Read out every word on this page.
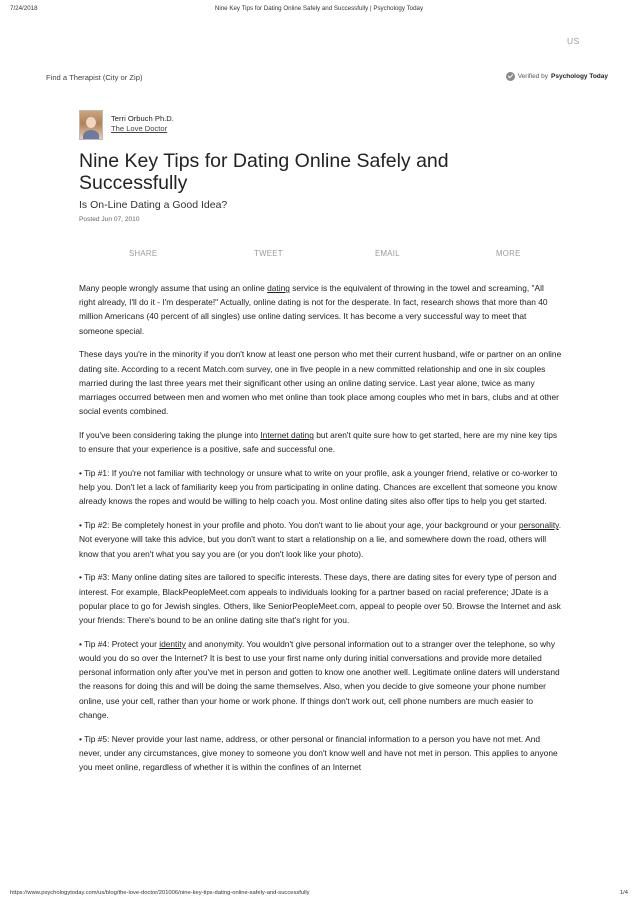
7/24/2018	Nine Key Tips for Dating Online Safely and Successfully | Psychology Today
US
Find a Therapist (City or Zip)	Verified by Psychology Today
Terri Orbuch Ph.D.
The Love Doctor
Nine Key Tips for Dating Online Safely and Successfully
Is On-Line Dating a Good Idea?
Posted Jun 07, 2010
SHARE	TWEET	EMAIL	MORE

Many people wrongly assume that using an online dating service is the equivalent of throwing in the towel and screaming, "All right already, I'll do it - I'm desperate!" Actually, online dating is not for the desperate. In fact, research shows that more than 40 million Americans (40 percent of all singles) use online dating services. It has become a very successful way to meet that someone special.

These days you're in the minority if you don't know at least one person who met their current husband, wife or partner on an online dating site. According to a recent Match.com survey, one in five people in a new committed relationship and one in six couples married during the last three years met their significant other using an online dating service. Last year alone, twice as many marriages occurred between men and women who met online than took place among couples who met in bars, clubs and at other social events combined.

If you've been considering taking the plunge into Internet dating but aren't quite sure how to get started, here are my nine key tips to ensure that your experience is a positive, safe and successful one.

• Tip #1: If you're not familiar with technology or unsure what to write on your profile, ask a younger friend, relative or co-worker to help you. Don't let a lack of familiarity keep you from participating in online dating. Chances are excellent that someone you know already knows the ropes and would be willing to help coach you. Most online dating sites also offer tips to help you get started.

• Tip #2: Be completely honest in your profile and photo. You don't want to lie about your age, your background or your personality. Not everyone will take this advice, but you don't want to start a relationship on a lie, and somewhere down the road, others will know that you aren't what you say you are (or you don't look like your photo).

• Tip #3: Many online dating sites are tailored to specific interests. These days, there are dating sites for every type of person and interest. For example, BlackPeopleMeet.com appeals to individuals looking for a partner based on racial preference; JDate is a popular place to go for Jewish singles. Others, like SeniorPeopleMeet.com, appeal to people over 50. Browse the Internet and ask your friends: There's bound to be an online dating site that's right for you.

• Tip #4: Protect your identity and anonymity. You wouldn't give personal information out to a stranger over the telephone, so why would you do so over the Internet? It is best to use your first name only during initial conversations and provide more detailed personal information only after you've met in person and gotten to know one another well. Legitimate online daters will understand the reasons for doing this and will be doing the same themselves. Also, when you decide to give someone your phone number online, use your cell, rather than your home or work phone. If things don't work out, cell phone numbers are much easier to change.

• Tip #5: Never provide your last name, address, or other personal or financial information to a person you have not met. And never, under any circumstances, give money to someone you don't know well and have not met in person. This applies to anyone you meet online, regardless of whether it is within the confines of an Internet

https://www.psychologytoday.com/us/blog/the-love-doctor/201006/nine-key-tips-dating-online-safely-and-successfully	1/4
